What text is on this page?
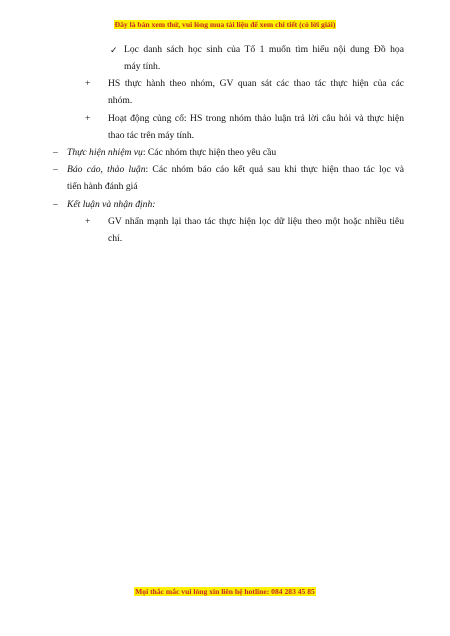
Đây là bản xem thử, vui lòng mua tài liệu để xem chi tiết (có lời giải)
✓ Lọc danh sách học sinh của Tổ 1 muốn tìm hiểu nội dung Đồ họa
máy tính.
+ HS thực hành theo nhóm, GV quan sát các thao tác thực hiện của các
nhóm.
+ Hoạt động củng cố: HS trong nhóm thảo luận trả lời câu hỏi và thực hiện
thao tác trên máy tính.
– Thực hiện nhiệm vụ: Các nhóm thực hiện theo yêu cầu
– Báo cáo, thảo luận: Các nhóm báo cáo kết quả sau khi thực hiện thao tác lọc và
tiến hành đánh giá
– Kết luận và nhận định:
+ GV nhấn mạnh lại thao tác thực hiện lọc dữ liệu theo một hoặc nhiều tiêu
chí.
Mọi thắc mắc vui lòng xin liên hệ hotline: 084 283 45 85
